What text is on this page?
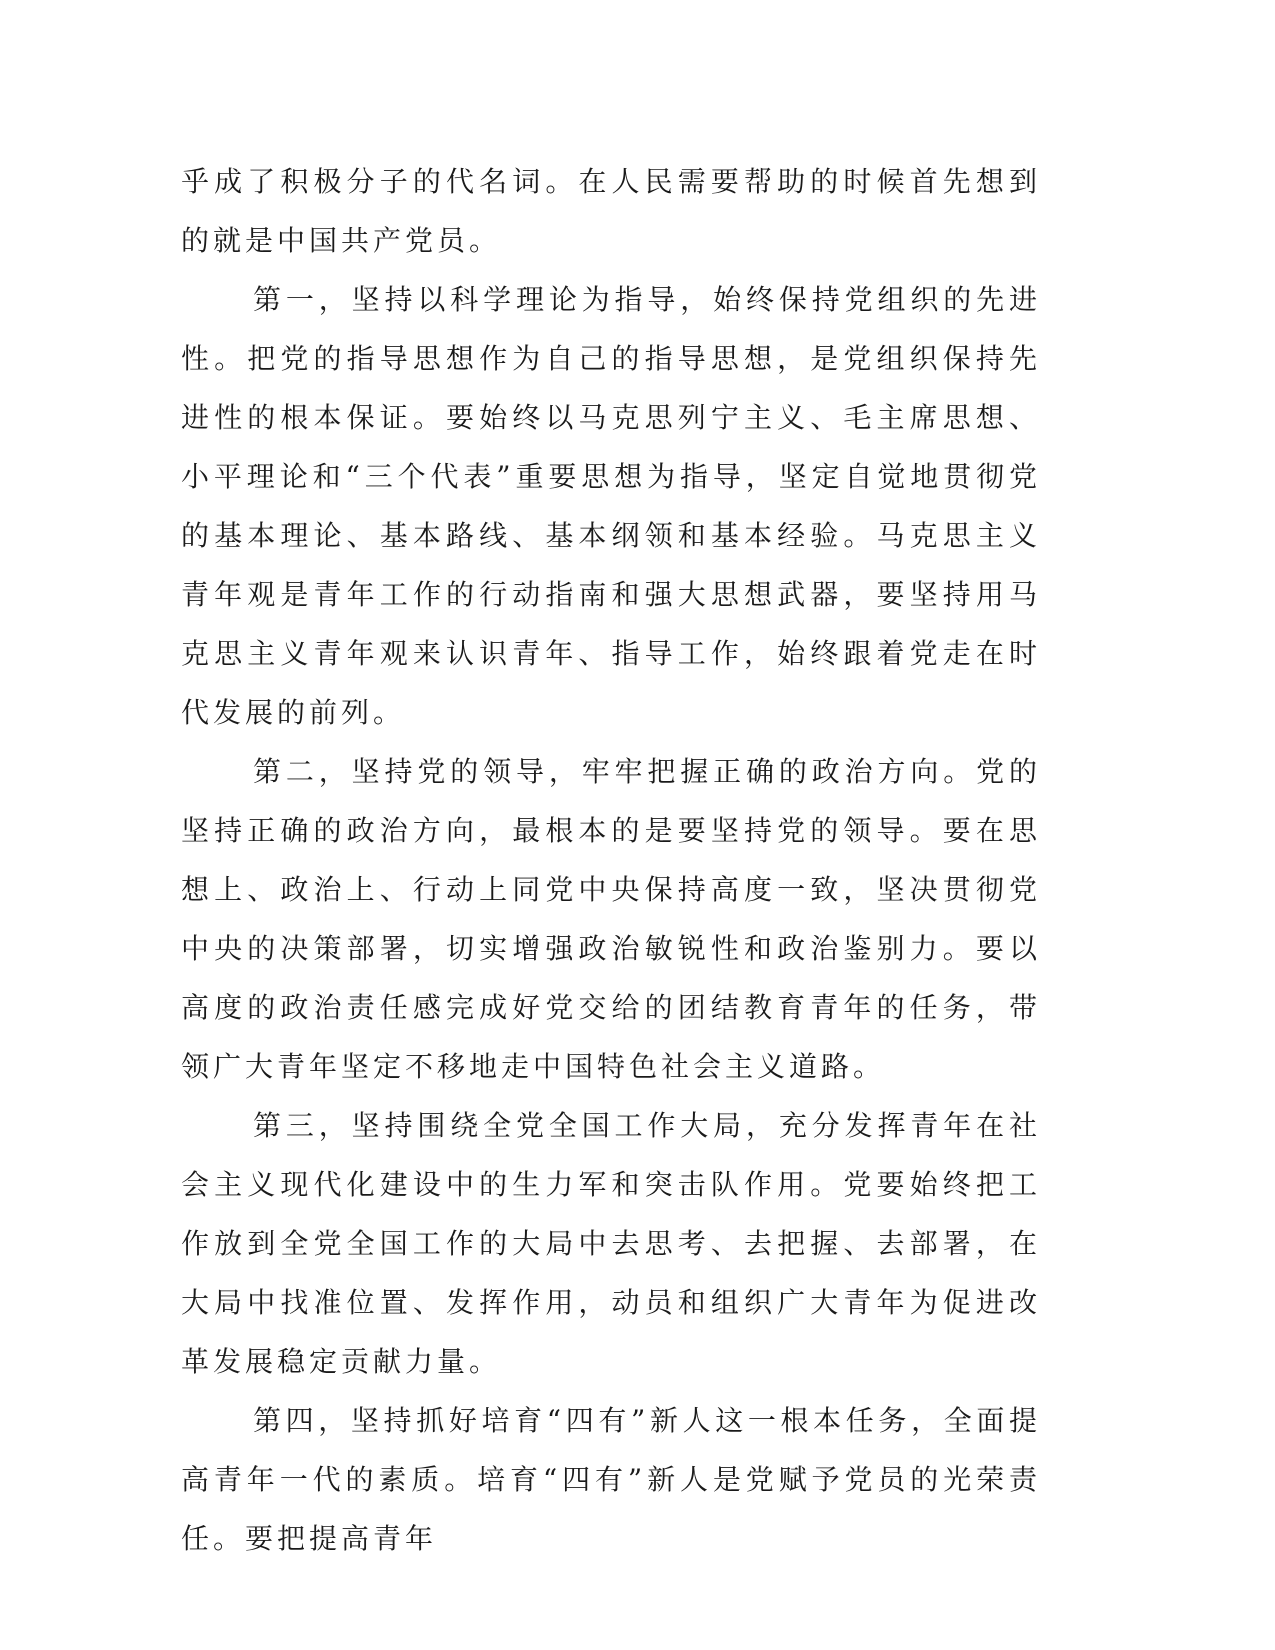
乎成了积极分子的代名词。在人民需要帮助的时候首先想到的就是中国共产党员。

第一，坚持以科学理论为指导，始终保持党组织的先进性。把党的指导思想作为自己的指导思想，是党组织保持先进性的根本保证。要始终以马克思列宁主义、毛主席思想、小平理论和“三个代表”重要思想为指导，坚定自觉地贯彻党的基本理论、基本路线、基本纲领和基本经验。马克思主义青年观是青年工作的行动指南和强大思想武器，要坚持用马克思主义青年观来认识青年、指导工作，始终跟着党走在时代发展的前列。

第二，坚持党的领导，牢牢把握正确的政治方向。党的坚持正确的政治方向，最根本的是要坚持党的领导。要在思想上、政治上、行动上同党中央保持高度一致，坚决贯彻党中央的决策部署，切实增强政治敏锐性和政治鉴别力。要以高度的政治责任感完成好党交给的团结教育青年的任务，带领广大青年坚定不移地走中国特色社会主义道路。

第三，坚持围绕全党全国工作大局，充分发挥青年在社会主义现代化建设中的生力军和突击队作用。党要始终把工作放到全党全国工作的大局中去思考、去把握、去部署，在大局中找准位置、发挥作用，动员和组织广大青年为促进改革发展稳定贡献力量。

第四，坚持抓好培育“四有”新人这一根本任务，全面提高青年一代的素质。培育“四有”新人是党赋予党员的光荣责任。要把提高青年
